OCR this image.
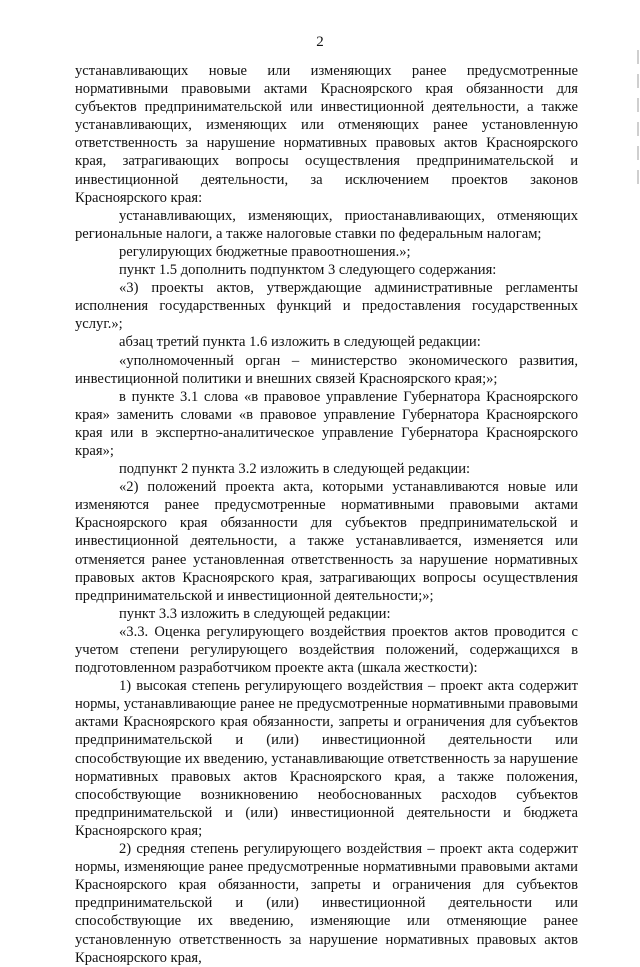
2

устанавливающих новые или изменяющих ранее предусмотренные нормативными правовыми актами Красноярского края обязанности для субъектов предпринимательской или инвестиционной деятельности, а также устанавливающих, изменяющих или отменяющих ранее установленную ответственность за нарушение нормативных правовых актов Красноярского края, затрагивающих вопросы осуществления предпринимательской и инвестиционной деятельности, за исключением проектов законов Красноярского края:

устанавливающих, изменяющих, приостанавливающих, отменяющих региональные налоги, а также налоговые ставки по федеральным налогам;

регулирующих бюджетные правоотношения.»;

пункт 1.5 дополнить подпунктом 3 следующего содержания:

«3) проекты актов, утверждающие административные регламенты исполнения государственных функций и предоставления государственных услуг.»;

абзац третий пункта 1.6 изложить в следующей редакции:

«уполномоченный орган – министерство экономического развития, инвестиционной политики и внешних связей Красноярского края;»;

в пункте 3.1 слова «в правовое управление Губернатора Красноярского края» заменить словами «в правовое управление Губернатора Красноярского края или в экспертно-аналитическое управление Губернатора Красноярского края»;

подпункт 2 пункта 3.2 изложить в следующей редакции:

«2) положений проекта акта, которыми устанавливаются новые или изменяются ранее предусмотренные нормативными правовыми актами Красноярского края обязанности для субъектов предпринимательской и инвестиционной деятельности, а также устанавливается, изменяется или отменяется ранее установленная ответственность за нарушение нормативных правовых актов Красноярского края, затрагивающих вопросы осуществления предпринимательской и инвестиционной деятельности;»;

пункт 3.3 изложить в следующей редакции:

«3.3. Оценка регулирующего воздействия проектов актов проводится с учетом степени регулирующего воздействия положений, содержащихся в подготовленном разработчиком проекте акта (шкала жесткости):

1) высокая степень регулирующего воздействия – проект акта содержит нормы, устанавливающие ранее не предусмотренные нормативными правовыми актами Красноярского края обязанности, запреты и ограничения для субъектов предпринимательской и (или) инвестиционной деятельности или способствующие их введению, устанавливающие ответственность за нарушение нормативных правовых актов Красноярского края, а также положения, способствующие возникновению необоснованных расходов субъектов предпринимательской и (или) инвестиционной деятельности и бюджета Красноярского края;

2) средняя степень регулирующего воздействия – проект акта содержит нормы, изменяющие ранее предусмотренные нормативными правовыми актами Красноярского края обязанности, запреты и ограничения для субъектов предпринимательской и (или) инвестиционной деятельности или способствующие их введению, изменяющие или отменяющие ранее установленную ответственность за нарушение нормативных правовых актов Красноярского края,
